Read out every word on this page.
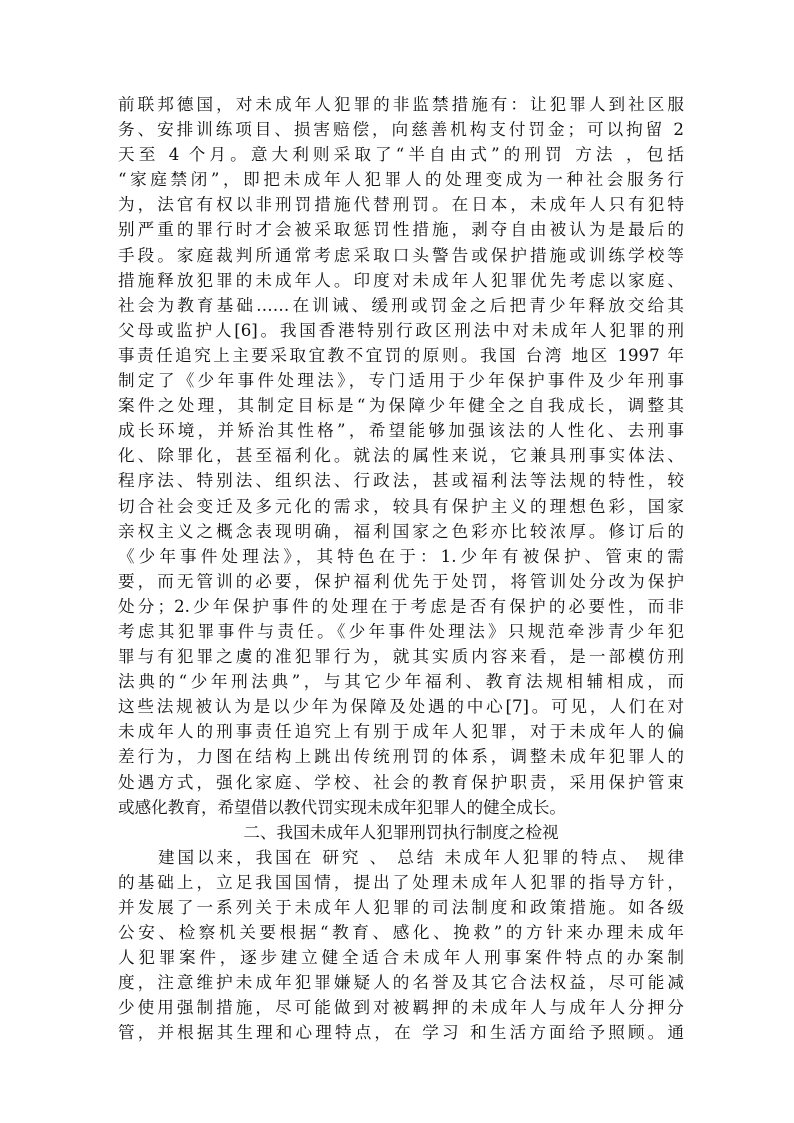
前联邦德国，对未成年人犯罪的非监禁措施有：让犯罪人到社区服
务、安排训练项目、损害赔偿，向慈善机构支付罚金；可以拘留 2
天至 4 个月。意大利则采取了“半自由式”的刑罚 方法 ，包括
“家庭禁闭”，即把未成年人犯罪人的处理变成为一种社会服务行
为，法官有权以非刑罚措施代替刑罚。在日本，未成年人只有犯特
别严重的罪行时才会被采取惩罚性措施，剥夺自由被认为是最后的
手段。家庭裁判所通常考虑采取口头警告或保护措施或训练学校等
措施释放犯罪的未成年人。印度对未成年人犯罪优先考虑以家庭、
社会为教育基础……在训诫、缓刑或罚金之后把青少年释放交给其
父母或监护人[6]。我国香港特别行政区刑法中对未成年人犯罪的刑
事责任追究上主要采取宜教不宜罚的原则。我国 台湾 地区 1997 年
制定了《少年事件处理法》，专门适用于少年保护事件及少年刑事
案件之处理，其制定目标是“为保障少年健全之自我成长，调整其
成长环境，并矫治其性格”，希望能够加强该法的人性化、去刑事
化、除罪化，甚至福利化。就法的属性来说，它兼具刑事实体法、
程序法、特别法、组织法、行政法，甚或福利法等法规的特性，较
切合社会变迁及多元化的需求，较具有保护主义的理想色彩，国家
亲权主义之概念表现明确，福利国家之色彩亦比较浓厚。修订后的
《少年事件处理法》，其特色在于：1.少年有被保护、管束的需
要，而无管训的必要，保护福利优先于处罚，将管训处分改为保护
处分；2.少年保护事件的处理在于考虑是否有保护的必要性，而非
考虑其犯罪事件与责任。《少年事件处理法》只规范牵涉青少年犯
罪与有犯罪之虞的准犯罪行为，就其实质内容来看，是一部模仿刑
法典的“少年刑法典”，与其它少年福利、教育法规相辅相成，而
这些法规被认为是以少年为保障及处遇的中心[7]。可见，人们在对
未成年人的刑事责任追究上有别于成年人犯罪，对于未成年人的偏
差行为，力图在结构上跳出传统刑罚的体系，调整未成年犯罪人的
处遇方式，强化家庭、学校、社会的教育保护职责，采用保护管束
或感化教育，希望借以教代罚实现未成年犯罪人的健全成长。
二、我国未成年人犯罪刑罚执行制度之检视
建国以来，我国在 研究 、 总结 未成年人犯罪的特点、 规律
的基础上，立足我国国情，提出了处理未成年人犯罪的指导方针，
并发展了一系列关于未成年人犯罪的司法制度和政策措施。如各级
公安、检察机关要根据“教育、感化、挽救”的方针来办理未成年
人犯罪案件，逐步建立健全适合未成年人刑事案件特点的办案制
度，注意维护未成年犯罪嫌疑人的名誉及其它合法权益，尽可能减
少使用强制措施，尽可能做到对被羁押的未成年人与成年人分押分
管，并根据其生理和心理特点，在 学习 和生活方面给予照顾。通
